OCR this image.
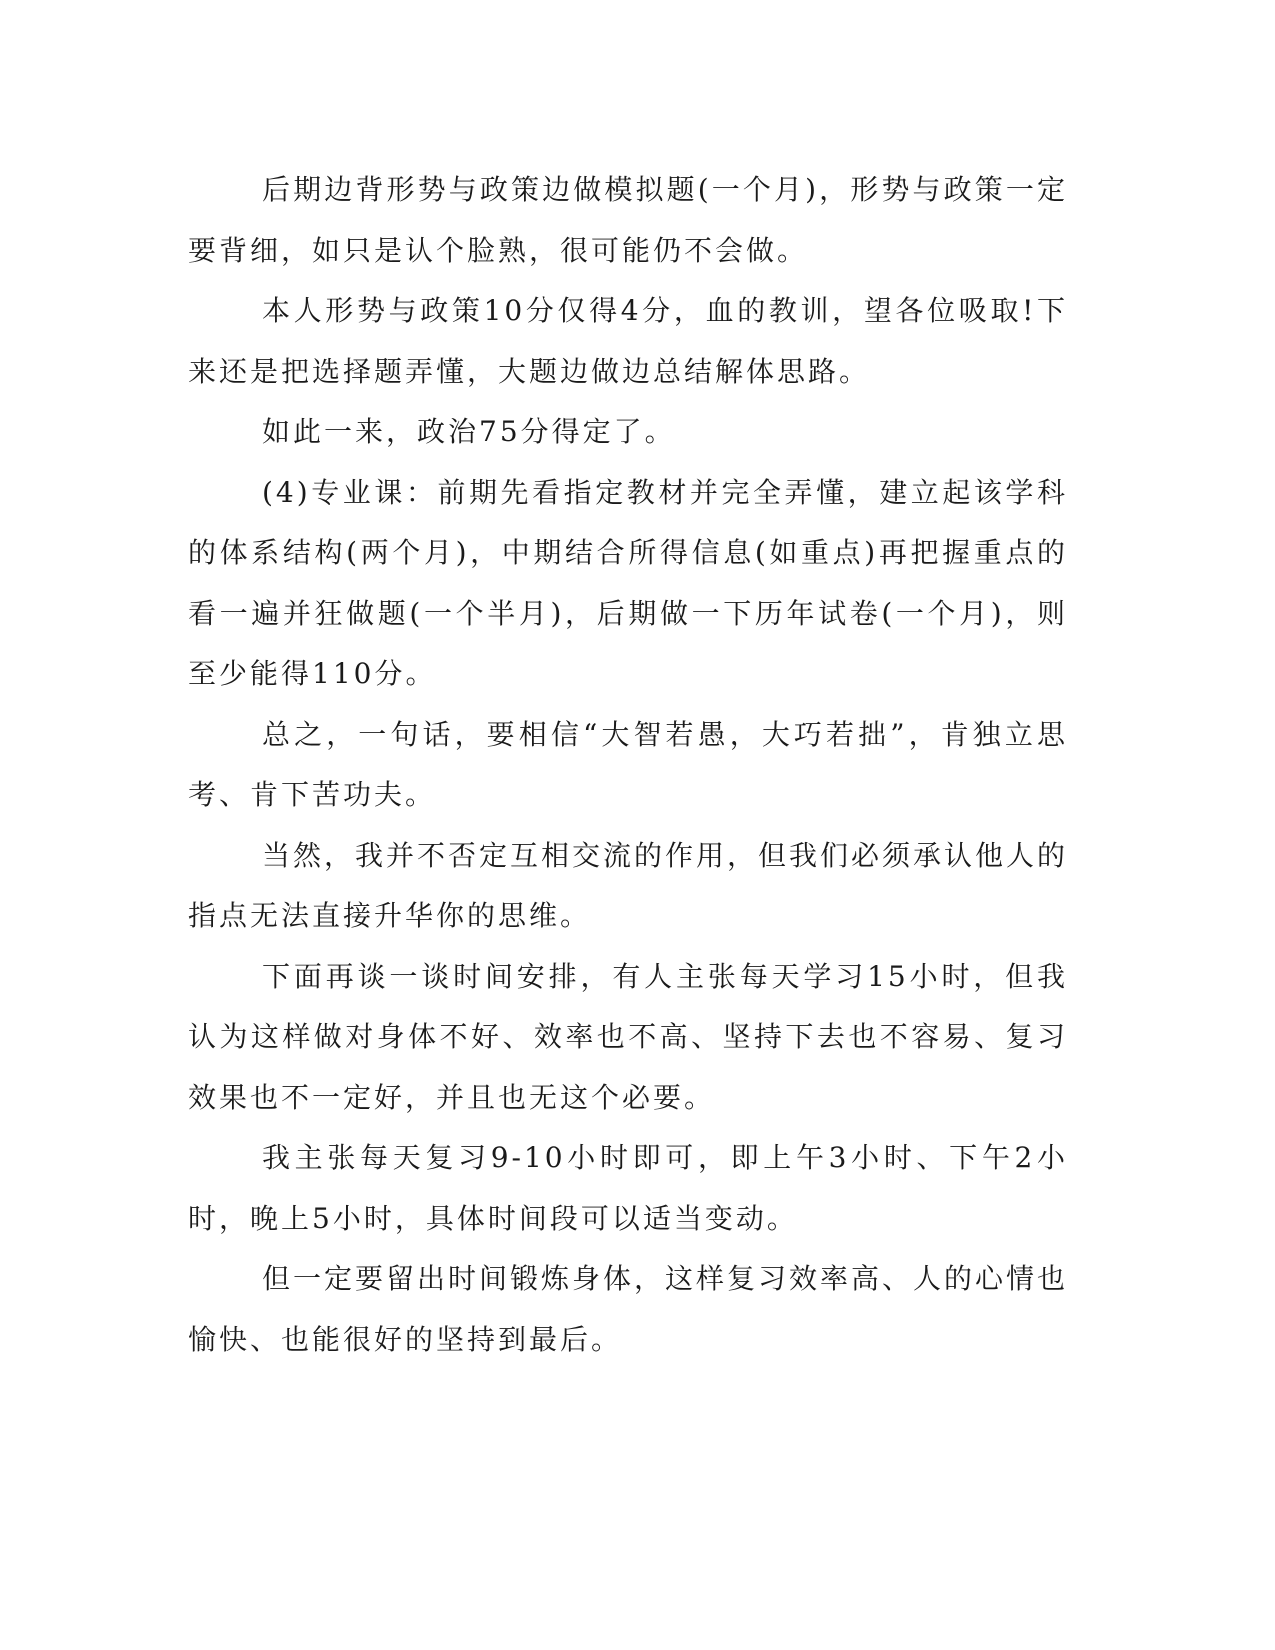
后期边背形势与政策边做模拟题(一个月)，形势与政策一定要背细，如只是认个脸熟，很可能仍不会做。

本人形势与政策10分仅得4分，血的教训，望各位吸取!下来还是把选择题弄懂，大题边做边总结解体思路。

如此一来，政治75分得定了。

(4)专业课：前期先看指定教材并完全弄懂，建立起该学科的体系结构(两个月)，中期结合所得信息(如重点)再把握重点的看一遍并狂做题(一个半月)，后期做一下历年试卷(一个月)，则至少能得110分。

总之，一句话，要相信“大智若愚，大巧若拙”，肯独立思考、肯下苦功夫。

当然，我并不否定互相交流的作用，但我们必须承认他人的指点无法直接升华你的思维。

下面再谈一谈时间安排，有人主张每天学习15小时，但我认为这样做对身体不好、效率也不高、坚持下去也不容易、复习效果也不一定好，并且也无这个必要。

我主张每天复习9-10小时即可，即上午3小时、下午2小时，晚上5小时，具体时间段可以适当变动。

但一定要留出时间锻炼身体，这样复习效率高、人的心情也愉快、也能很好的坚持到最后。
